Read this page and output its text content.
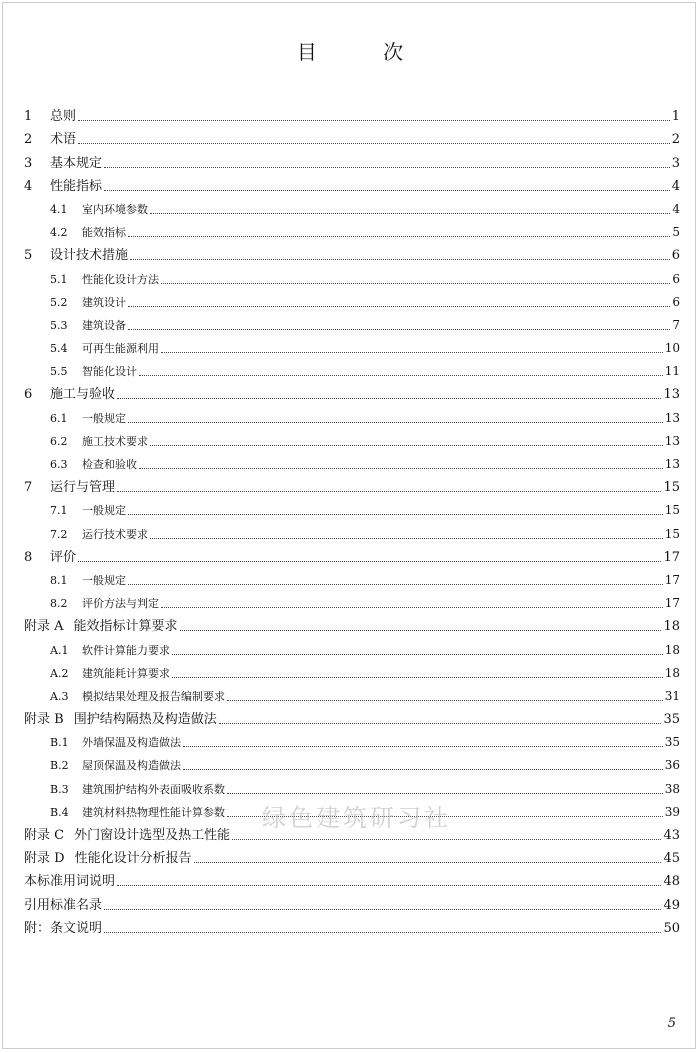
目 次
1	总则	1
2	术语	2
3	基本规定	3
4	性能指标	4
4.1	室内环境参数	4
4.2	能效指标	5
5	设计技术措施	6
5.1	性能化设计方法	6
5.2	建筑设计	6
5.3	建筑设备	7
5.4	可再生能源利用	10
5.5	智能化设计	11
6	施工与验收	13
6.1	一般规定	13
6.2	施工技术要求	13
6.3	检查和验收	13
7	运行与管理	15
7.1	一般规定	15
7.2	运行技术要求	15
8	评价	17
8.1	一般规定	17
8.2	评价方法与判定	17
附录 A 能效指标计算要求	18
A.1	软件计算能力要求	18
A.2	建筑能耗计算要求	18
A.3	模拟结果处理及报告编制要求	31
附录 B 围护结构隔热及构造做法	35
B.1	外墙保温及构造做法	35
B.2	屋顶保温及构造做法	36
B.3	建筑围护结构外表面吸收系数	38
B.4	建筑材料热物理性能计算参数	39
附录 C 外门窗设计选型及热工性能	43
附录 D 性能化设计分析报告	45
本标准用词说明	48
引用标准名录	49
附：条文说明	50
绿色建筑研习社
5
